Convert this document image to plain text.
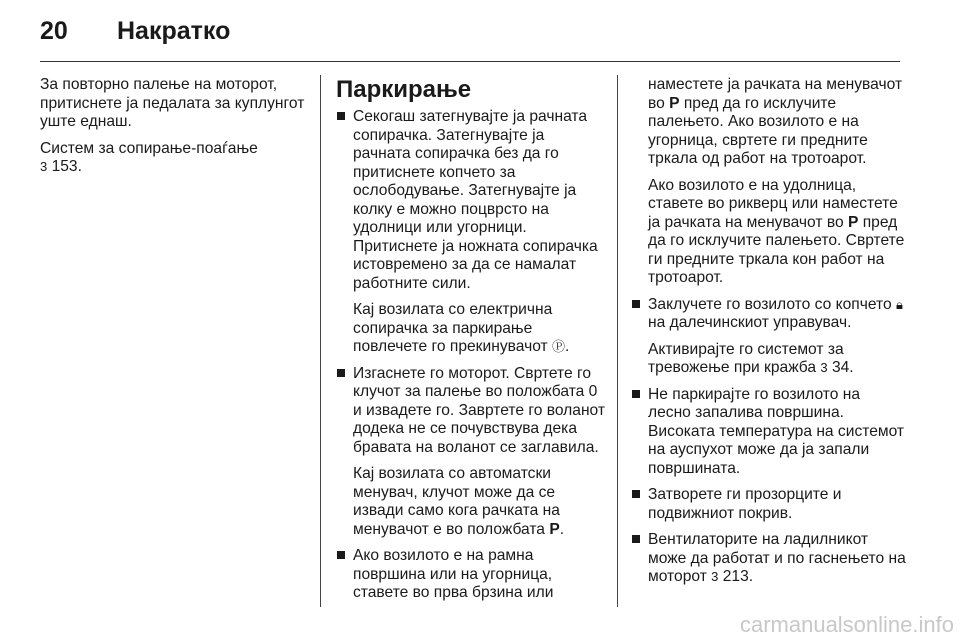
20 Накратко

За повторно палење на моторот, притиснете ја педалата за куплунгот уште еднаш.

Систем за сопирање-поаѓање
3 153.

Паркирање

Секогаш затегнувајте ја рачната сопирачка. Затегнувајте ја рачната сопирачка без да го притиснете копчето за ослободување. Затегнувајте ја колку е можно поцврсто на удолници или угорници. Притиснете ја ножната сопирачка истовремено за да се намалат работните сили.

Кај возилата со електрична сопирачка за паркирање повлечете го прекинувачот Ⓟ.

Изгаснете го моторот. Свртете го клучот за палење во положбата 0 и извадете го. Завртете го воланот додека не се почувствува дека бравата на воланот се заглавила.

Кај возилата со автоматски менувач, клучот може да се извади само кога рачката на менувачот е во положбата P.

Ако возилото е на рамна површина или на угорница, ставете во прва брзина или

наместете ја рачката на менувачот во P пред да го исклучите палењето. Ако возилото е на угорница, свртете ги предните тркала од работ на тротоарот.

Ако возилото е на удолница, ставете во рикверц или наместете ја рачката на менувачот во P пред да го исклучите палењето. Свртете ги предните тркала кон работ на тротоарот.

Заклучете го возилото со копчето 🔒︎ на далечинскиот управувач.

Активирајте го системот за тревожење при кражба 3 34.

Не паркирајте го возилото на лесно запалива површина. Високата температура на системот на ауспухот може да ја запали површината.

Затворете ги прозорците и подвижниот покрив.

Вентилаторите на ладилникот може да работат и по гаснењето на моторот 3 213.

carmanualsonline.info
